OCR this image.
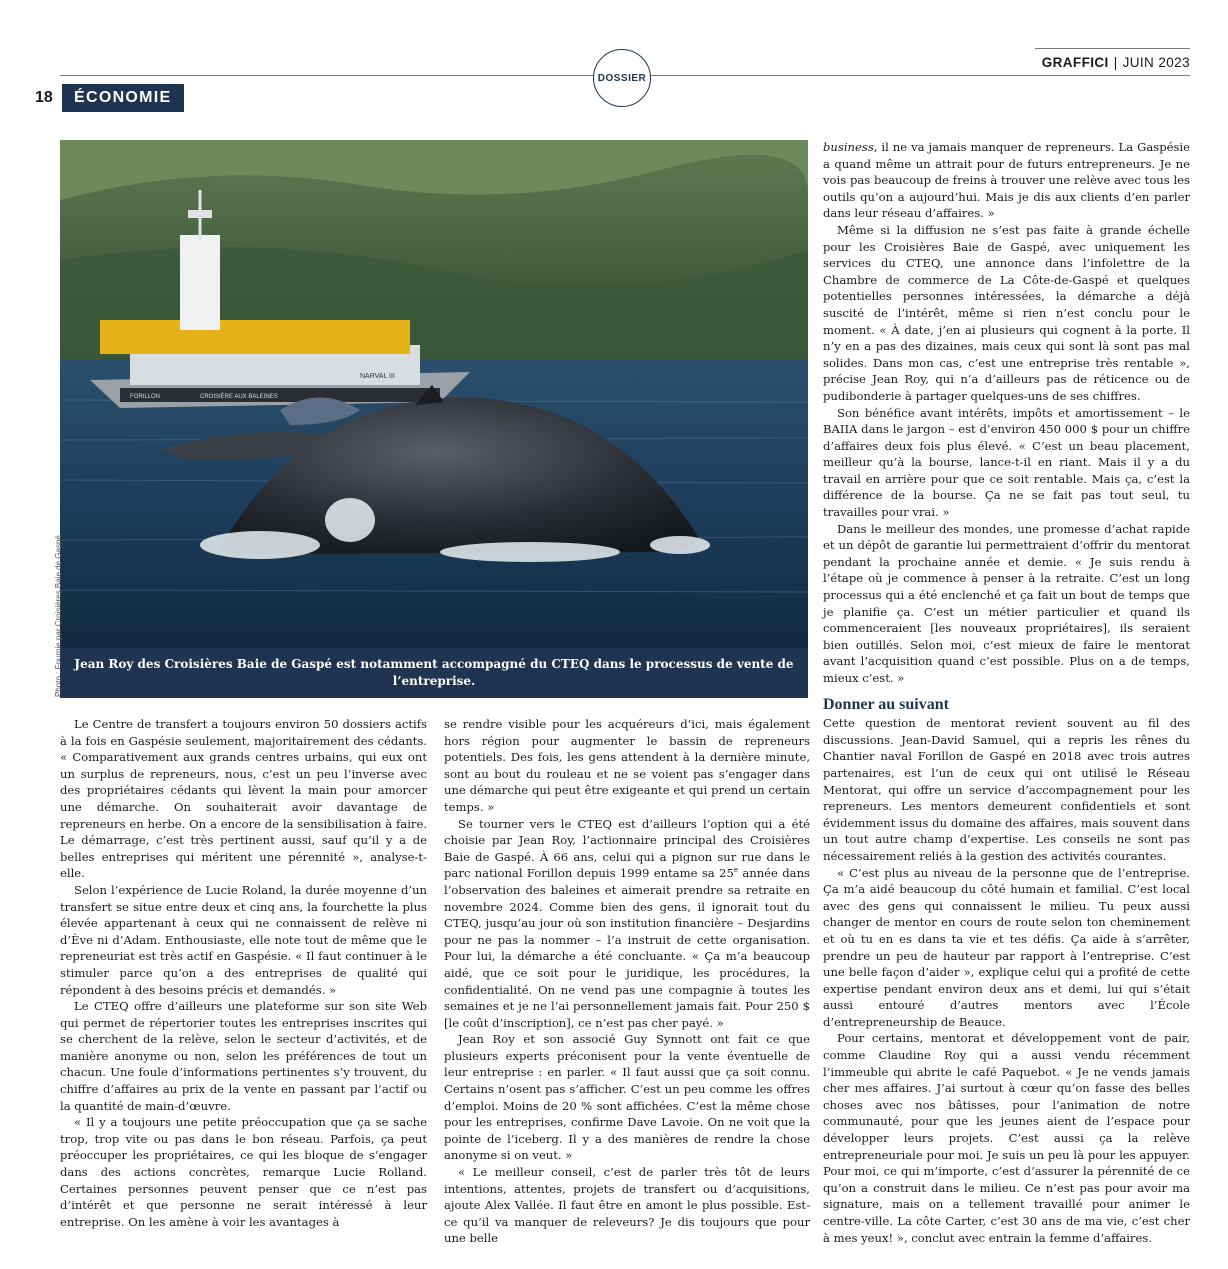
DOSSIER
GRAFFICI | JUIN 2023
18	ÉCONOMIE
NARVAL III
FORILLON	CROISIÈRE AUX BALEINES
Jean Roy des Croisières Baie de Gaspé est notamment accompagné du CTEQ dans le processus de vente de l’entreprise.
Photo : Fournie par Croisières Baie de Gaspé

Le Centre de transfert a toujours environ 50 dossiers actifs à la fois en Gaspésie seulement, majoritairement des cédants. « Comparativement aux grands centres urbains, qui eux ont un surplus de repreneurs, nous, c’est un peu l’inverse avec des propriétaires cédants qui lèvent la main pour amorcer une démarche. On souhaiterait avoir davantage de repreneurs en herbe. On a encore de la sensibilisation à faire. Le démarrage, c’est très pertinent aussi, sauf qu’il y a de belles entreprises qui méritent une pérennité », analyse-t-elle.

Selon l’expérience de Lucie Roland, la durée moyenne d’un transfert se situe entre deux et cinq ans, la fourchette la plus élevée appartenant à ceux qui ne connaissent de relève ni d’Ève ni d’Adam. Enthousiaste, elle note tout de même que le repreneuriat est très actif en Gaspésie. « Il faut continuer à le stimuler parce qu’on a des entreprises de qualité qui répondent à des besoins précis et demandés. »

Le CTEQ offre d’ailleurs une plateforme sur son site Web qui permet de répertorier toutes les entreprises inscrites qui se cherchent de la relève, selon le secteur d’activités, et de manière anonyme ou non, selon les préférences de tout un chacun. Une foule d’informations pertinentes s’y trouvent, du chiffre d’affaires au prix de la vente en passant par l’actif ou la quantité de main-d’œuvre.

« Il y a toujours une petite préoccupation que ça se sache trop, trop vite ou pas dans le bon réseau. Parfois, ça peut préoccuper les propriétaires, ce qui les bloque de s’engager dans des actions concrètes, remarque Lucie Rolland. Certaines personnes peuvent penser que ce n’est pas d’intérêt et que personne ne serait intéressé à leur entreprise. On les amène à voir les avantages à

se rendre visible pour les acquéreurs d’ici, mais également hors région pour augmenter le bassin de repreneurs potentiels. Des fois, les gens attendent à la dernière minute, sont au bout du rouleau et ne se voient pas s’engager dans une démarche qui peut être exigeante et qui prend un certain temps. »

Se tourner vers le CTEQ est d’ailleurs l’option qui a été choisie par Jean Roy, l’actionnaire principal des Croisières Baie de Gaspé. À 66 ans, celui qui a pignon sur rue dans le parc national Forillon depuis 1999 entame sa 25e année dans l’observation des baleines et aimerait prendre sa retraite en novembre 2024. Comme bien des gens, il ignorait tout du CTEQ, jusqu’au jour où son institution financière – Desjardins pour ne pas la nommer – l’a instruit de cette organisation. Pour lui, la démarche a été concluante. « Ça m’a beaucoup aidé, que ce soit pour le juridique, les procédures, la confidentialité. On ne vend pas une compagnie à toutes les semaines et je ne l’ai personnellement jamais fait. Pour 250 $ [le coût d’inscription], ce n’est pas cher payé. »

Jean Roy et son associé Guy Synnott ont fait ce que plusieurs experts préconisent pour la vente éventuelle de leur entreprise : en parler. « Il faut aussi que ça soit connu. Certains n’osent pas s’afficher. C’est un peu comme les offres d’emploi. Moins de 20 % sont affichées. C’est la même chose pour les entreprises, confirme Dave Lavoie. On ne voit que la pointe de l’iceberg. Il y a des manières de rendre la chose anonyme si on veut. »

« Le meilleur conseil, c’est de parler très tôt de leurs intentions, attentes, projets de transfert ou d’acquisitions, ajoute Alex Vallée. Il faut être en amont le plus possible. Est-ce qu’il va manquer de releveurs? Je dis toujours que pour une belle

business, il ne va jamais manquer de repreneurs. La Gaspésie a quand même un attrait pour de futurs entrepreneurs. Je ne vois pas beaucoup de freins à trouver une relève avec tous les outils qu’on a aujourd’hui. Mais je dis aux clients d’en parler dans leur réseau d’affaires. »

Même si la diffusion ne s’est pas faite à grande échelle pour les Croisières Baie de Gaspé, avec uniquement les services du CTEQ, une annonce dans l’infolettre de la Chambre de commerce de La Côte-de-Gaspé et quelques potentielles personnes intéressées, la démarche a déjà suscité de l’intérêt, même si rien n’est conclu pour le moment. « À date, j’en ai plusieurs qui cognent à la porte. Il n’y en a pas des dizaines, mais ceux qui sont là sont pas mal solides. Dans mon cas, c’est une entreprise très rentable », précise Jean Roy, qui n’a d’ailleurs pas de réticence ou de pudibonderie à partager quelques-uns de ses chiffres.

Son bénéfice avant intérêts, impôts et amortissement – le BAIIA dans le jargon – est d’environ 450 000 $ pour un chiffre d’affaires deux fois plus élevé. « C’est un beau placement, meilleur qu’à la bourse, lance-t-il en riant. Mais il y a du travail en arrière pour que ce soit rentable. Mais ça, c’est la différence de la bourse. Ça ne se fait pas tout seul, tu travailles pour vrai. »

Dans le meilleur des mondes, une promesse d’achat rapide et un dépôt de garantie lui permettraient d’offrir du mentorat pendant la prochaine année et demie. « Je suis rendu à l’étape où je commence à penser à la retraite. C’est un long processus qui a été enclenché et ça fait un bout de temps que je planifie ça. C’est un métier particulier et quand ils commenceraient [les nouveaux propriétaires], ils seraient bien outillés. Selon moi, c’est mieux de faire le mentorat avant l’acquisition quand c’est possible. Plus on a de temps, mieux c’est. »

Donner au suivant

Cette question de mentorat revient souvent au fil des discussions. Jean-David Samuel, qui a repris les rênes du Chantier naval Forillon de Gaspé en 2018 avec trois autres partenaires, est l’un de ceux qui ont utilisé le Réseau Mentorat, qui offre un service d’accompagnement pour les repreneurs. Les mentors demeurent confidentiels et sont évidemment issus du domaine des affaires, mais souvent dans un tout autre champ d’expertise. Les conseils ne sont pas nécessairement reliés à la gestion des activités courantes.

« C’est plus au niveau de la personne que de l’entreprise. Ça m’a aidé beaucoup du côté humain et familial. C’est local avec des gens qui connaissent le milieu. Tu peux aussi changer de mentor en cours de route selon ton cheminement et où tu en es dans ta vie et tes défis. Ça aide à s’arrêter, prendre un peu de hauteur par rapport à l’entreprise. C’est une belle façon d’aider », explique celui qui a profité de cette expertise pendant environ deux ans et demi, lui qui s’était aussi entouré d’autres mentors avec l’École d’entrepreneurship de Beauce.

Pour certains, mentorat et développement vont de pair, comme Claudine Roy qui a aussi vendu récemment l’immeuble qui abrite le café Paquebot. « Je ne vends jamais cher mes affaires. J’ai surtout à cœur qu’on fasse des belles choses avec nos bâtisses, pour l’animation de notre communauté, pour que les jeunes aient de l’espace pour développer leurs projets. C’est aussi ça la relève entrepreneuriale pour moi. Je suis un peu là pour les appuyer. Pour moi, ce qui m’importe, c’est d’assurer la pérennité de ce qu’on a construit dans le milieu. Ce n’est pas pour avoir ma signature, mais on a tellement travaillé pour animer le centre-ville. La côte Carter, c’est 30 ans de ma vie, c’est cher à mes yeux! », conclut avec entrain la femme d’affaires.
